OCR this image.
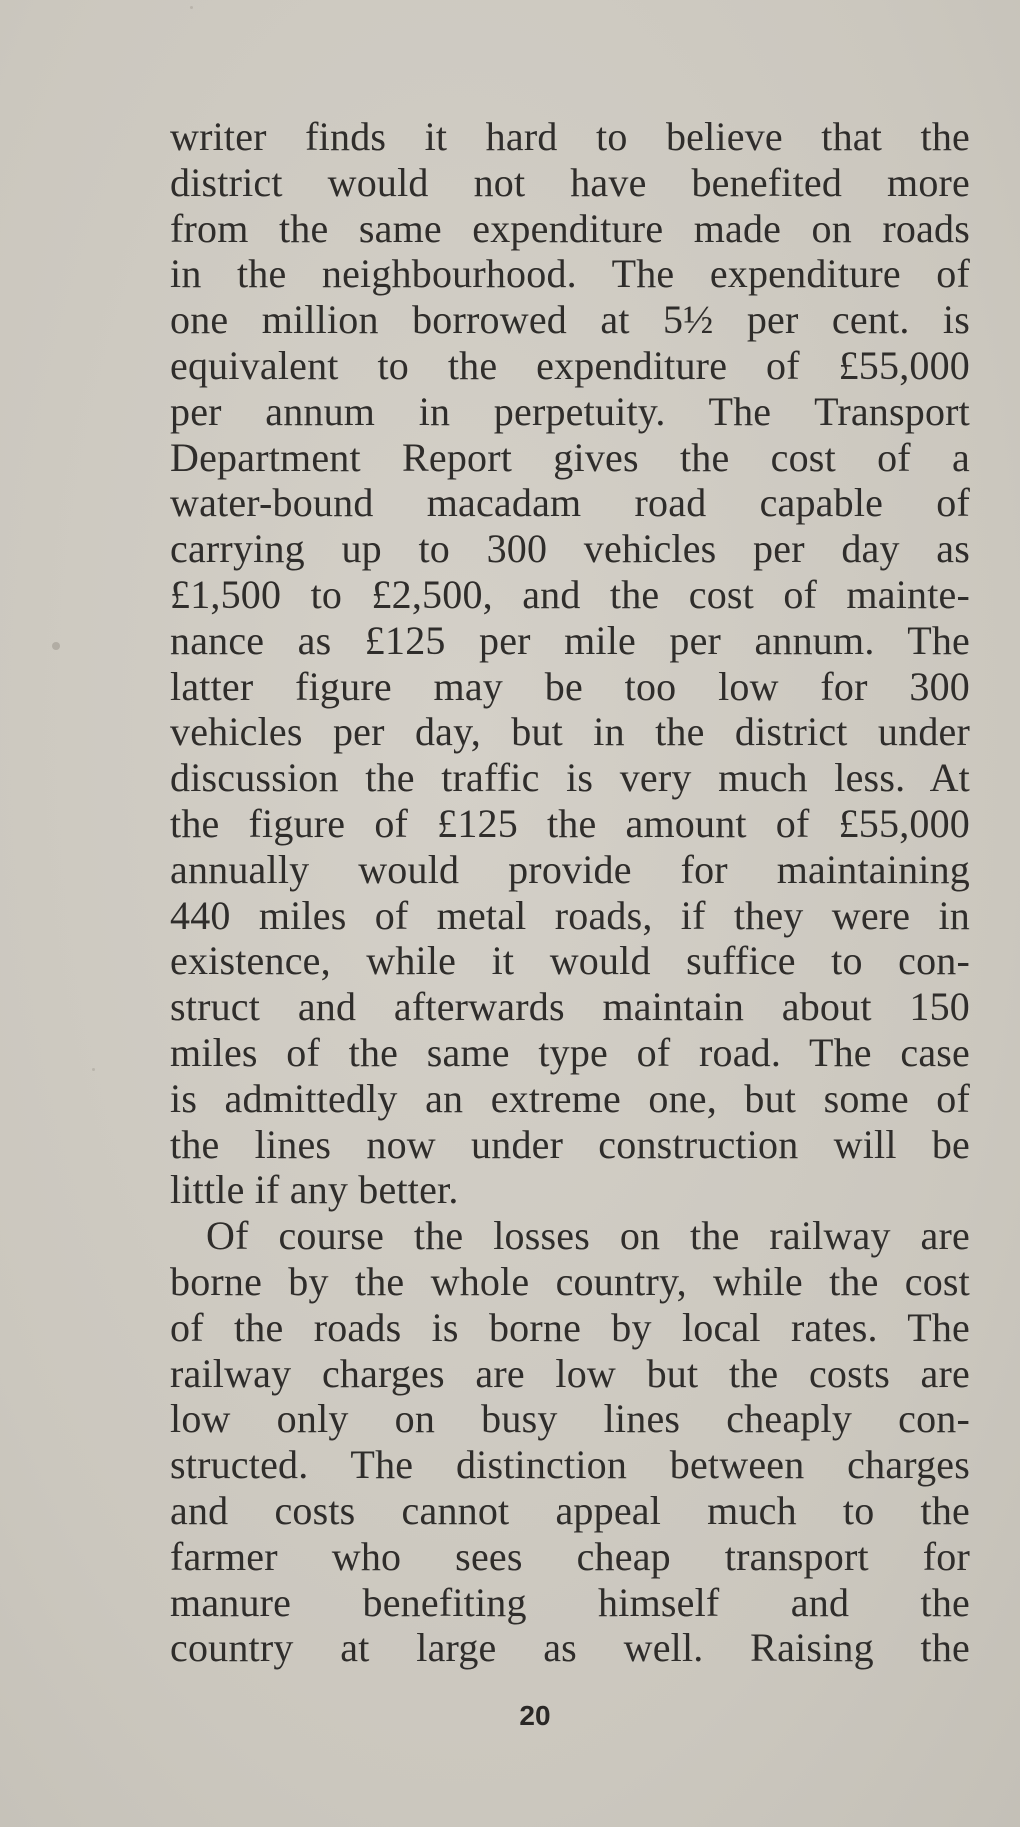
writer finds it hard to believe that the
district would not have benefited more
from the same expenditure made on roads
in the neighbourhood. The expenditure of
one million borrowed at 5½ per cent. is
equivalent to the expenditure of £55,000
per annum in perpetuity. The Transport
Department Report gives the cost of a
water-bound macadam road capable of
carrying up to 300 vehicles per day as
£1,500 to £2,500, and the cost of mainte-
nance as £125 per mile per annum. The
latter figure may be too low for 300
vehicles per day, but in the district under
discussion the traffic is very much less. At
the figure of £125 the amount of £55,000
annually would provide for maintaining
440 miles of metal roads, if they were in
existence, while it would suffice to con-
struct and afterwards maintain about 150
miles of the same type of road. The case
is admittedly an extreme one, but some of
the lines now under construction will be
little if any better.
Of course the losses on the railway are
borne by the whole country, while the cost
of the roads is borne by local rates. The
railway charges are low but the costs are
low only on busy lines cheaply con-
structed. The distinction between charges
and costs cannot appeal much to the
farmer who sees cheap transport for
manure benefiting himself and the
country at large as well. Raising the
20
